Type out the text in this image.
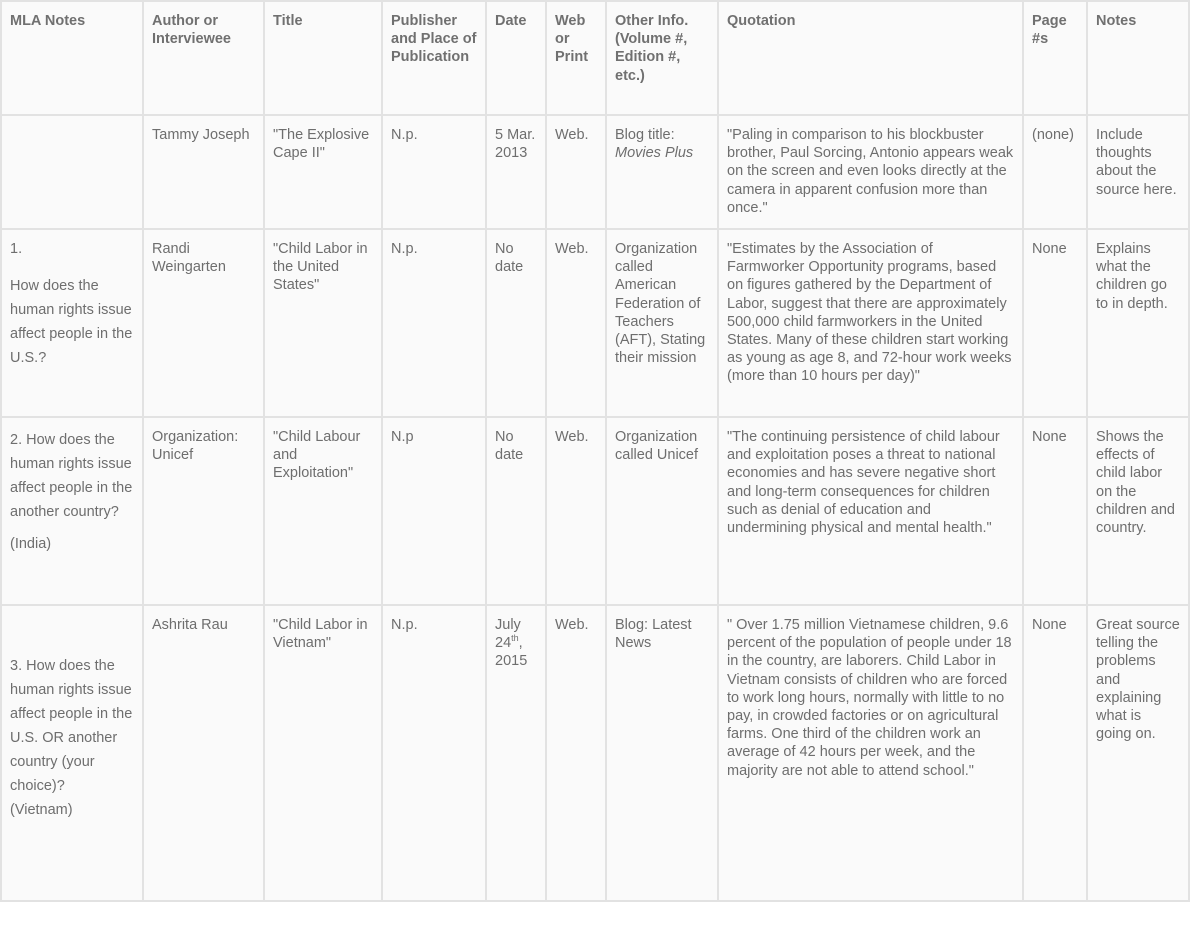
MLA Notes	Author or Interviewee	Title	Publisher and Place of Publication	Date	Web or Print	Other Info. (Volume #, Edition #, etc.)	Quotation	Page #s	Notes
	Tammy Joseph	"The Explosive Cape II"	N.p.	5 Mar. 2013	Web.	Blog title: Movies Plus	"Paling in comparison to his blockbuster brother, Paul Sorcing, Antonio appears weak on the screen and even looks directly at the camera in apparent confusion more than once."	(none)	Include thoughts about the source here.

1.
How does the human rights issue affect people in the U.S.?	Randi Weingarten	"Child Labor in the United States"	N.p.	No date	Web.	Organization called American Federation of Teachers (AFT), Stating their mission	"Estimates by the Association of Farmworker Opportunity programs, based on figures gathered by the Department of Labor, suggest that there are approximately 500,000 child farmworkers in the United States. Many of these children start working as young as age 8, and 72-hour work weeks (more than 10 hours per day)"	None	Explains what the children go to in depth.

2. How does the human rights issue affect people in the another country?
(India)	Organization: Unicef	"Child Labour and Exploitation"	N.p	No date	Web.	Organization called Unicef	"The continuing persistence of child labour and exploitation poses a threat to national economies and has severe negative short and long-term consequences for children such as denial of education and undermining physical and mental health."	None	Shows the effects of child labor on the children and country.

3. How does the human rights issue affect people in the U.S. OR another country (your choice)?
(Vietnam)	Ashrita Rau	"Child Labor in Vietnam"	N.p.	July 24th, 2015	Web.	Blog: Latest News	" Over 1.75 million Vietnamese children, 9.6 percent of the population of people under 18 in the country, are laborers. Child Labor in Vietnam consists of children who are forced to work long hours, normally with little to no pay, in crowded factories or on agricultural farms. One third of the children work an average of 42 hours per week, and the majority are not able to attend school."	None	Great source telling the problems and explaining what is going on.
